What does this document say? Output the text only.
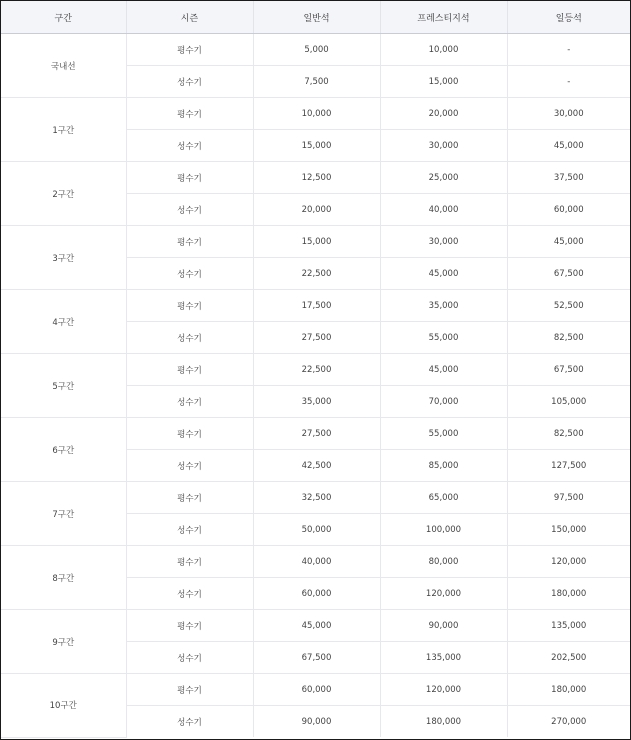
구간	시즌	일반석	프레스티지석	일등석
국내선	평수기	5,000	10,000	-
	성수기	7,500	15,000	-
1구간	평수기	10,000	20,000	30,000
	성수기	15,000	30,000	45,000
2구간	평수기	12,500	25,000	37,500
	성수기	20,000	40,000	60,000
3구간	평수기	15,000	30,000	45,000
	성수기	22,500	45,000	67,500
4구간	평수기	17,500	35,000	52,500
	성수기	27,500	55,000	82,500
5구간	평수기	22,500	45,000	67,500
	성수기	35,000	70,000	105,000
6구간	평수기	27,500	55,000	82,500
	성수기	42,500	85,000	127,500
7구간	평수기	32,500	65,000	97,500
	성수기	50,000	100,000	150,000
8구간	평수기	40,000	80,000	120,000
	성수기	60,000	120,000	180,000
9구간	평수기	45,000	90,000	135,000
	성수기	67,500	135,000	202,500
10구간	평수기	60,000	120,000	180,000
	성수기	90,000	180,000	270,000
